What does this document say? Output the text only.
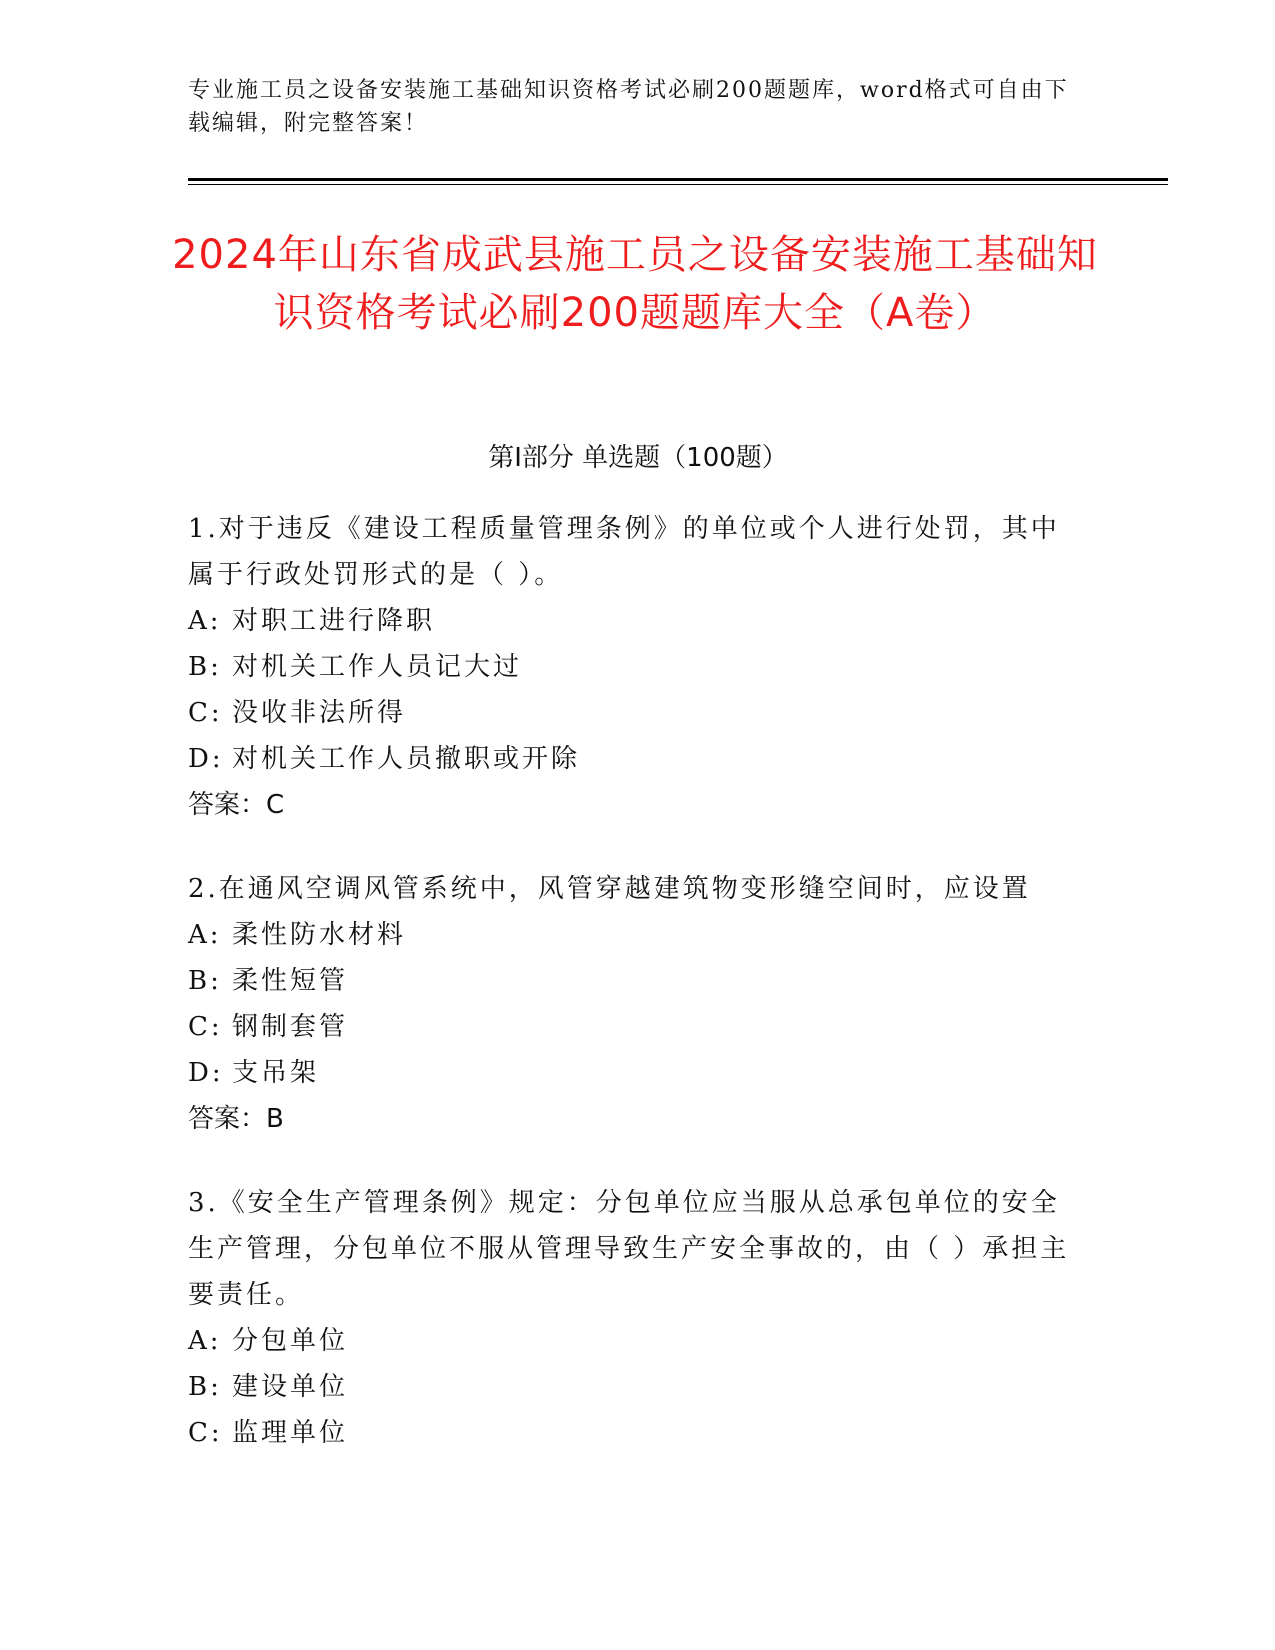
专业施工员之设备安装施工基础知识资格考试必刷200题题库，word格式可自由下载编辑，附完整答案！
2024年山东省成武县施工员之设备安装施工基础知识资格考试必刷200题题库大全（A卷）
第I部分 单选题（100题）
1.对于违反《建设工程质量管理条例》的单位或个人进行处罚，其中属于行政处罚形式的是（ ）。
A: 对职工进行降职
B: 对机关工作人员记大过
C: 没收非法所得
D: 对机关工作人员撤职或开除
答案：C
2.在通风空调风管系统中，风管穿越建筑物变形缝空间时，应设置
A: 柔性防水材料
B: 柔性短管
C: 钢制套管
D: 支吊架
答案：B
3.《安全生产管理条例》规定：分包单位应当服从总承包单位的安全生产管理，分包单位不服从管理导致生产安全事故的，由（ ）承担主要责任。
A: 分包单位
B: 建设单位
C: 监理单位
